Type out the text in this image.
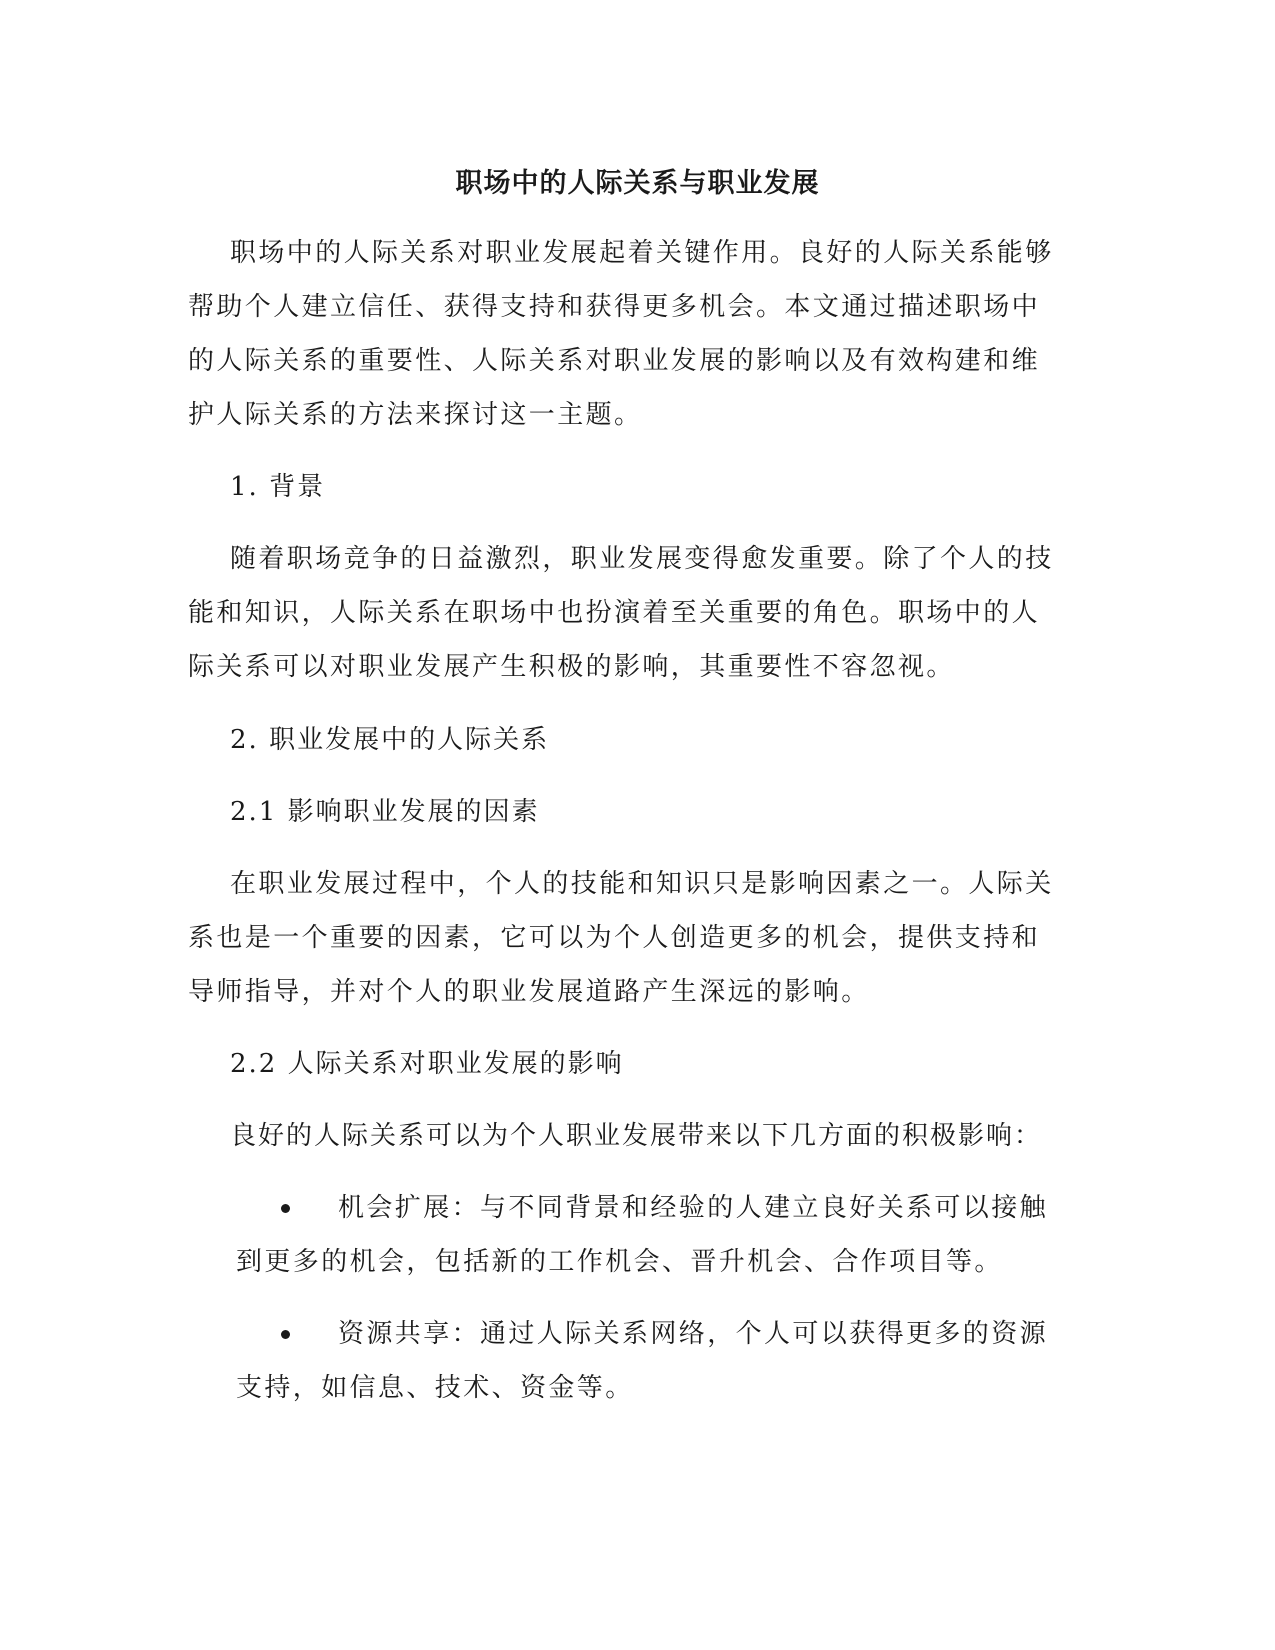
职场中的人际关系与职业发展

职场中的人际关系对职业发展起着关键作用。良好的人际关系能够帮助个人建立信任、获得支持和获得更多机会。本文通过描述职场中的人际关系的重要性、人际关系对职业发展的影响以及有效构建和维护人际关系的方法来探讨这一主题。

1. 背景

随着职场竞争的日益激烈，职业发展变得愈发重要。除了个人的技能和知识，人际关系在职场中也扮演着至关重要的角色。职场中的人际关系可以对职业发展产生积极的影响，其重要性不容忽视。

2. 职业发展中的人际关系

2.1 影响职业发展的因素

在职业发展过程中，个人的技能和知识只是影响因素之一。人际关系也是一个重要的因素，它可以为个人创造更多的机会，提供支持和导师指导，并对个人的职业发展道路产生深远的影响。

2.2 人际关系对职业发展的影响

良好的人际关系可以为个人职业发展带来以下几方面的积极影响：

机会扩展：与不同背景和经验的人建立良好关系可以接触到更多的机会，包括新的工作机会、晋升机会、合作项目等。

资源共享：通过人际关系网络，个人可以获得更多的资源支持，如信息、技术、资金等。
